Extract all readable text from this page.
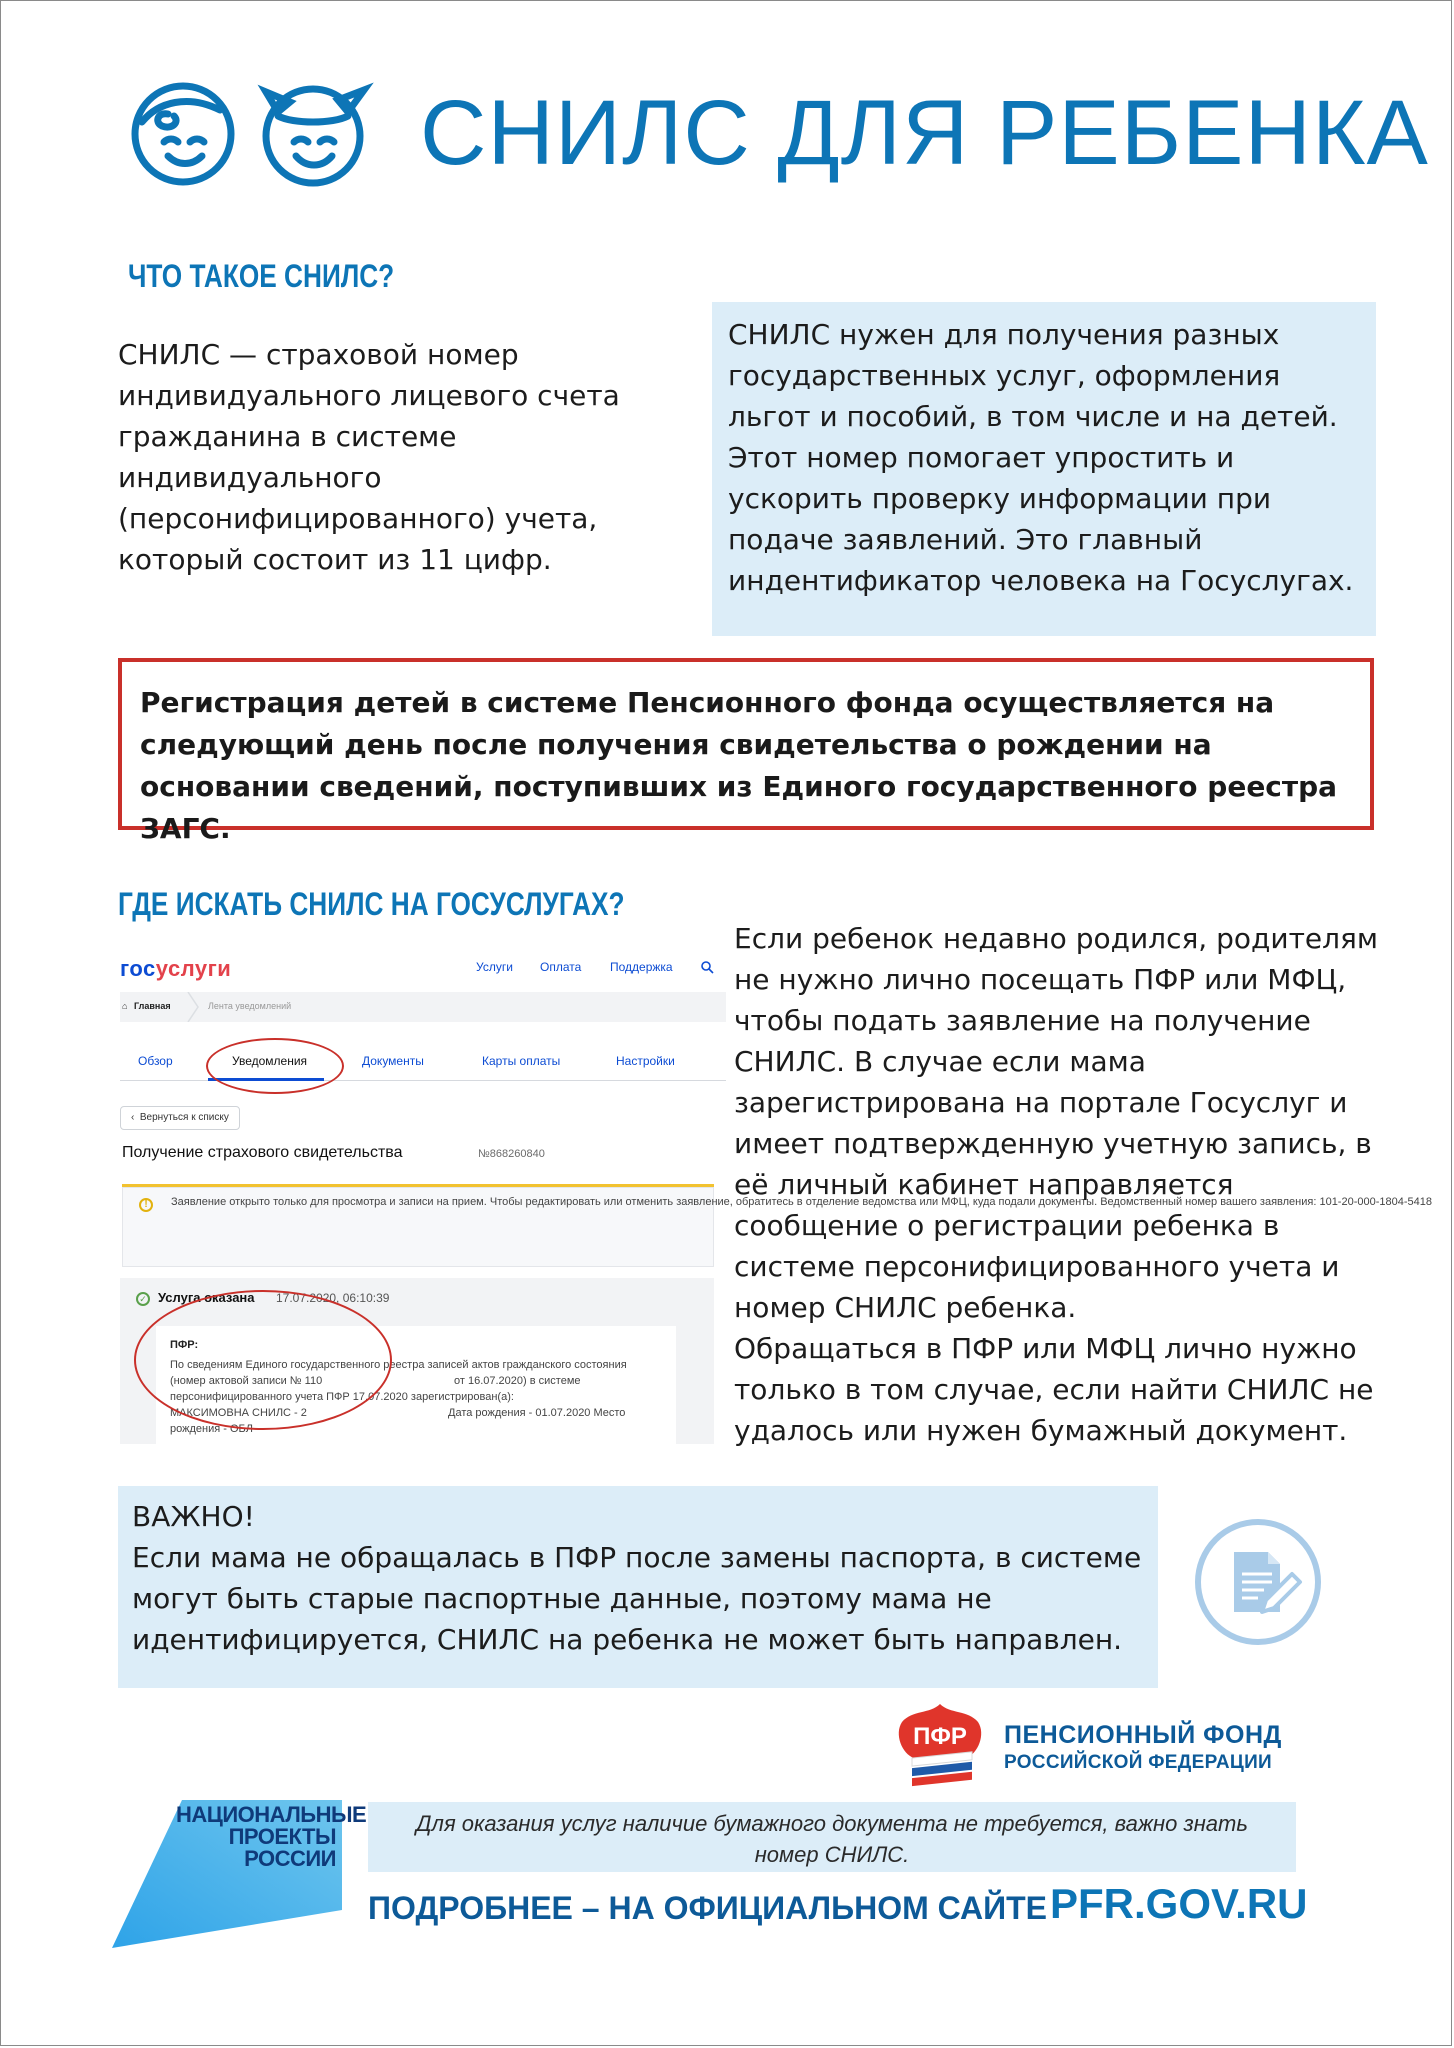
СНИЛС ДЛЯ РЕБЕНКА
ЧТО ТАКОЕ СНИЛС?
СНИЛС — страховой номер индивидуального лицевого счета гражданина в системе индивидуального (персонифицированного) учета, который состоит из 11 цифр.
СНИЛС нужен для получения разных государственных услуг, оформления льгот и пособий, в том числе и на детей. Этот номер помогает упростить и ускорить проверку информации при подаче заявлений. Это главный индентификатор человека на Госуслугах.
Регистрация детей в системе Пенсионного фонда осуществляется на следующий день после получения свидетельства о рождении на основании сведений, поступивших из Единого государственного реестра ЗАГС.
ГДЕ ИСКАТЬ СНИЛС НА ГОСУСЛУГАХ?
госуслуги	Услуги Оплата Поддержка
⌂ Главная	Лента уведомлений
Обзор	Уведомления	Документы	Карты оплаты	Настройки
‹  Вернуться к списку
Получение страхового свидетельства	№868260840
!	Заявление открыто только для просмотра и записи на прием. Чтобы редактировать или отменить заявление, обратитесь в отделение ведомства или МФЦ, куда подали документы. Ведомственный номер вашего заявления: 101-20-000-1804-5418
✓ Услуга оказана 17.07.2020, 06:10:39
ПФР:
По сведениям Единого государственного реестра записей актов гражданского состояния
(номер актовой записи № 110	от 16.07.2020) в системе
персонифицированного учета ПФР 17.07.2020 зарегистрирован(а):
МАКСИМОВНА СНИЛС - 2	Дата рождения - 01.07.2020 Место
рождения - ОБЛ
Если ребенок недавно родился, родителям не нужно лично посещать ПФР или МФЦ, чтобы подать заявление на получение СНИЛС. В случае если мама зарегистрирована на портале Госуслуг и имеет подтвержденную учетную запись, в её личный кабинет направляется сообщение о регистрации ребенка в системе персонифицированного учета и номер СНИЛС ребенка.
Обращаться в ПФР или МФЦ лично нужно только в том случае, если найти СНИЛС не удалось или нужен бумажный документ.
ВАЖНО!
Если мама не обращалась в ПФР после замены паспорта, в системе могут быть старые паспортные данные, поэтому мама не идентифицируется, СНИЛС на ребенка не может быть направлен.
ПФР ПЕНСИОННЫЙ ФОНД
РОССИЙСКОЙ ФЕДЕРАЦИИ
НАЦИОНАЛЬНЫЕ
ПРОЕКТЫ
РОССИИ
Для оказания услуг наличие бумажного документа не требуется, важно знать номер СНИЛС.
ПОДРОБНЕЕ – НА ОФИЦИАЛЬНОМ САЙТЕ PFR.GOV.RU
